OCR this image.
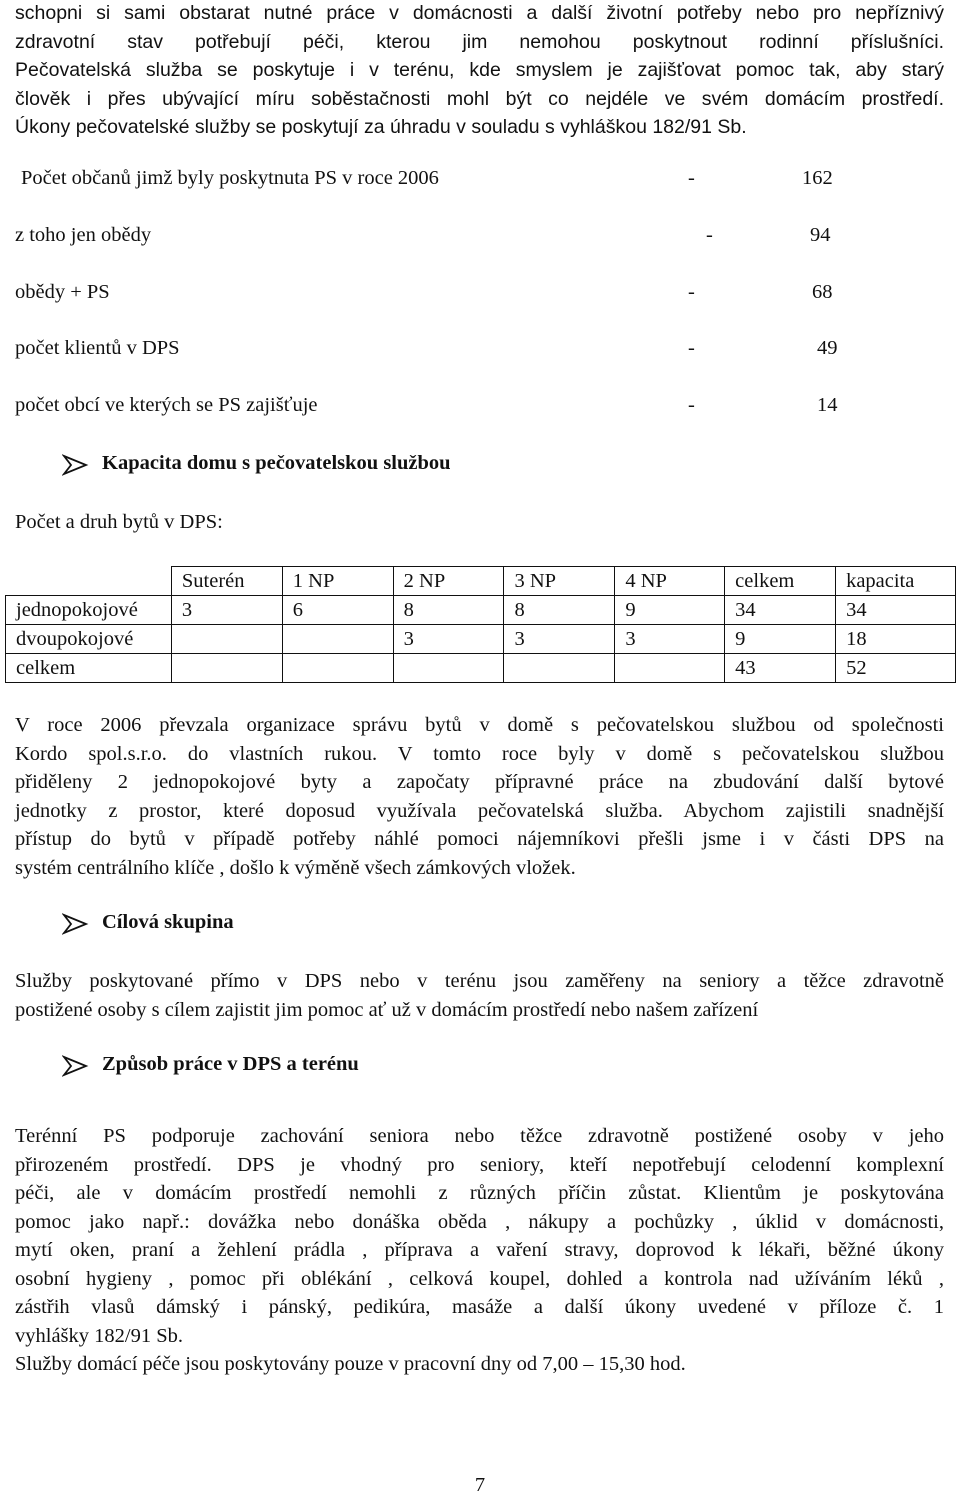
schopni si sami obstarat nutné práce v domácnosti a další životní potřeby nebo pro nepříznivý
zdravotní stav potřebují péči, kterou jim nemohou poskytnout rodinní příslušníci.
Pečovatelská služba se poskytuje i v terénu, kde smyslem je zajišťovat pomoc tak, aby starý
člověk i přes ubývající míru soběstačnosti mohl být co nejdéle ve svém domácím prostředí.
Úkony pečovatelské služby se poskytují za úhradu v souladu s vyhláškou 182/91 Sb.
Počet občanů jimž byly poskytnuta PS v roce 2006	-	162
z toho jen obědy	-	94
obědy + PS	-	68
počet klientů v DPS	-	49
počet obcí ve kterých se PS zajišťuje	-	14
Kapacita domu s pečovatelskou službou
Počet a druh bytů v DPS:
	Suterén	1 NP	2 NP	3 NP	4 NP	celkem	kapacita
jednopokojové	3	6	8	8	9	34	34
dvoupokojové			3	3	3	9	18
celkem						43	52
V roce 2006 převzala organizace správu bytů v domě s pečovatelskou službou od společnosti
Kordo spol.s.r.o. do vlastních rukou. V tomto roce byly v domě s pečovatelskou službou
přiděleny 2 jednopokojové byty a započaty přípravné práce na zbudování další bytové
jednotky z prostor, které doposud využívala pečovatelská služba. Abychom zajistili snadnější
přístup do bytů v případě potřeby náhlé pomoci nájemníkovi přešli jsme i v části DPS na
systém centrálního klíče , došlo k výměně všech zámkových vložek.
Cílová skupina
Služby poskytované přímo v DPS nebo v terénu jsou zaměřeny na seniory a těžce zdravotně
postižené osoby s cílem zajistit jim pomoc ať už v domácím prostředí nebo našem zařízení
Způsob práce v DPS a terénu
Terénní PS podporuje zachování seniora nebo těžce zdravotně postižené osoby v jeho
přirozeném prostředí. DPS je vhodný pro seniory, kteří nepotřebují celodenní komplexní
péči, ale v domácím prostředí nemohli z různých příčin zůstat. Klientům je poskytována
pomoc jako např.: dovážka nebo donáška oběda , nákupy a pochůzky , úklid v domácnosti,
mytí oken, praní a žehlení prádla , příprava a vaření stravy, doprovod k lékaři, běžné úkony
osobní hygieny , pomoc při oblékání , celková koupel, dohled a kontrola nad užíváním léků ,
zástřih vlasů dámský i pánský, pedikúra, masáže a další úkony uvedené v příloze č. 1
vyhlášky 182/91 Sb.
Služby domácí péče jsou poskytovány pouze v pracovní dny od 7,00 – 15,30 hod.
7
